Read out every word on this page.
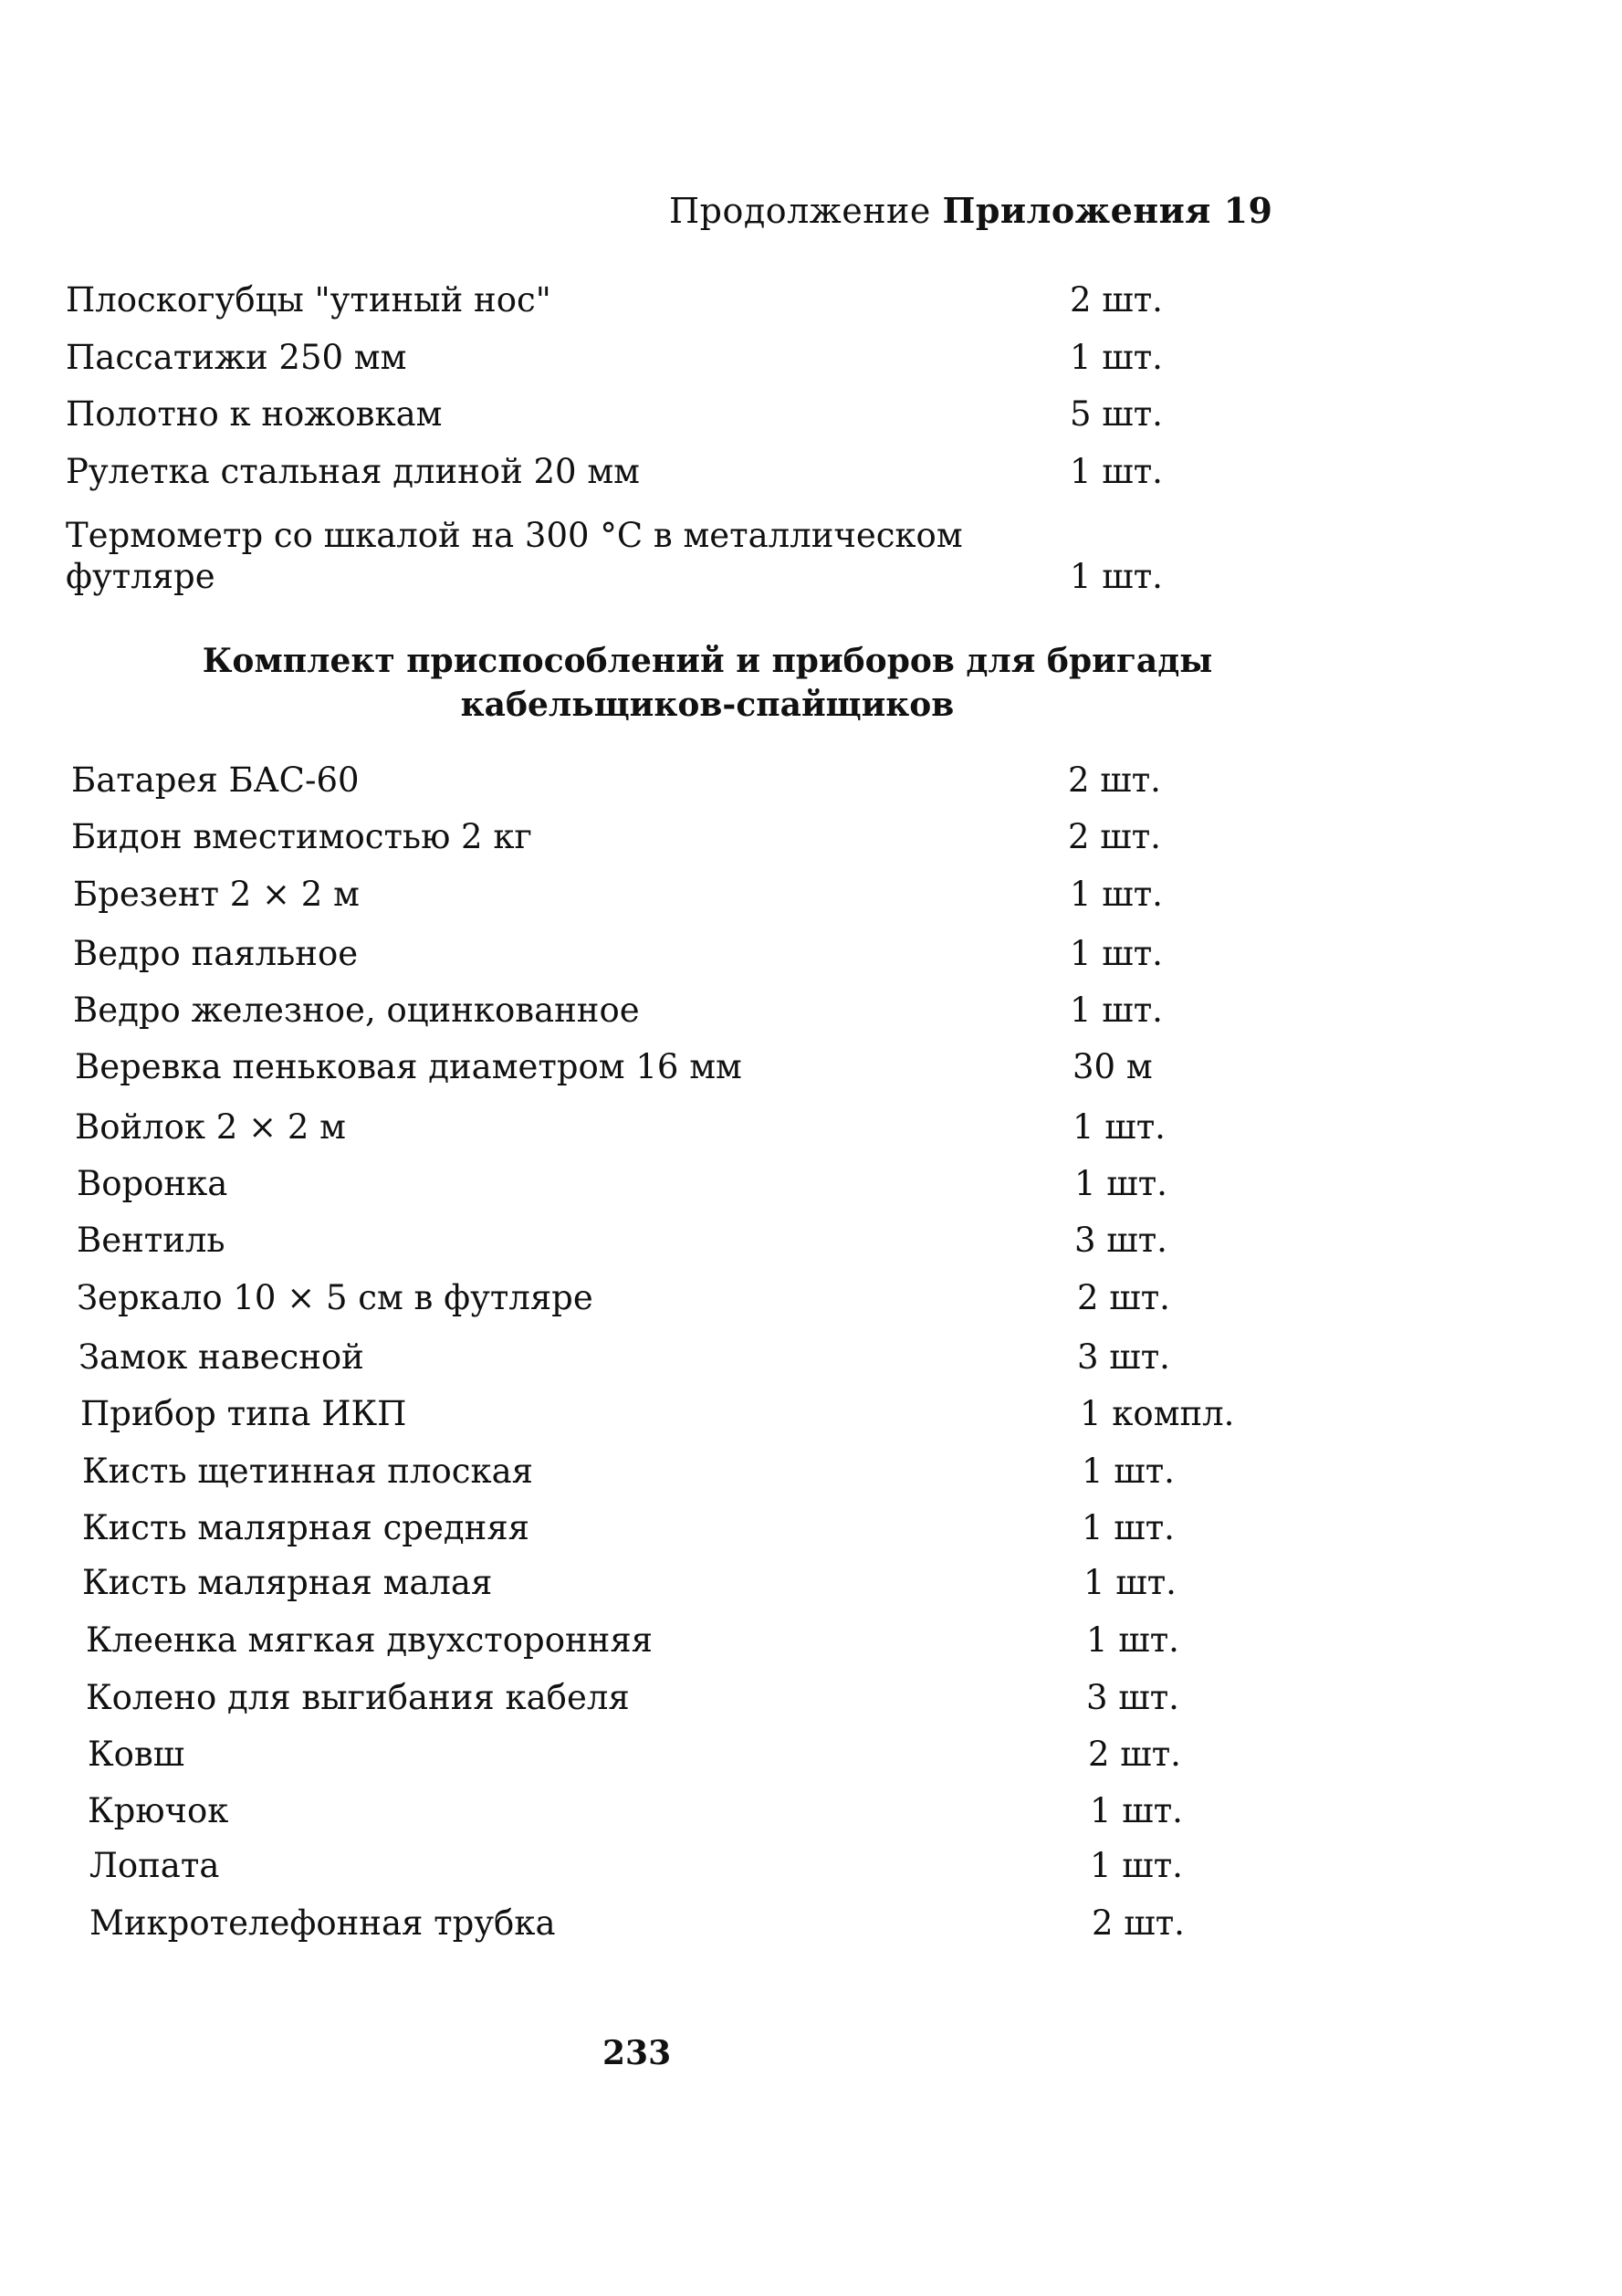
Продолжение Приложения 19
Плоскогубцы "утиный нос"	2 шт.
Пассатижи 250 мм	1 шт.
Полотно к ножовкам	5 шт.
Рулетка стальная длиной 20 мм	1 шт.
Термометр со шкалой на 300 °С в металлическом
футляре	1 шт.
Комплект приспособлений и приборов для бригады
кабельщиков-спайщиков
Батарея БАС-60	2 шт.
Бидон вместимостью 2 кг	2 шт.
Брезент 2 × 2 м	1 шт.
Ведро паяльное	1 шт.
Ведро железное, оцинкованное	1 шт.
Веревка пеньковая диаметром 16 мм	30 м
Войлок 2 × 2 м	1 шт.
Воронка	1 шт.
Вентиль	3 шт.
Зеркало 10 × 5 см в футляре	2 шт.
Замок навесной	3 шт.
Прибор типа ИКП	1 компл.
Кисть щетинная плоская	1 шт.
Кисть малярная средняя	1 шт.
Кисть малярная малая	1 шт.
Клеенка мягкая двухсторонняя	1 шт.
Колено для выгибания кабеля	3 шт.
Ковш	2 шт.
Крючок	1 шт.
Лопата	1 шт.
Микротелефонная трубка	2 шт.
233
